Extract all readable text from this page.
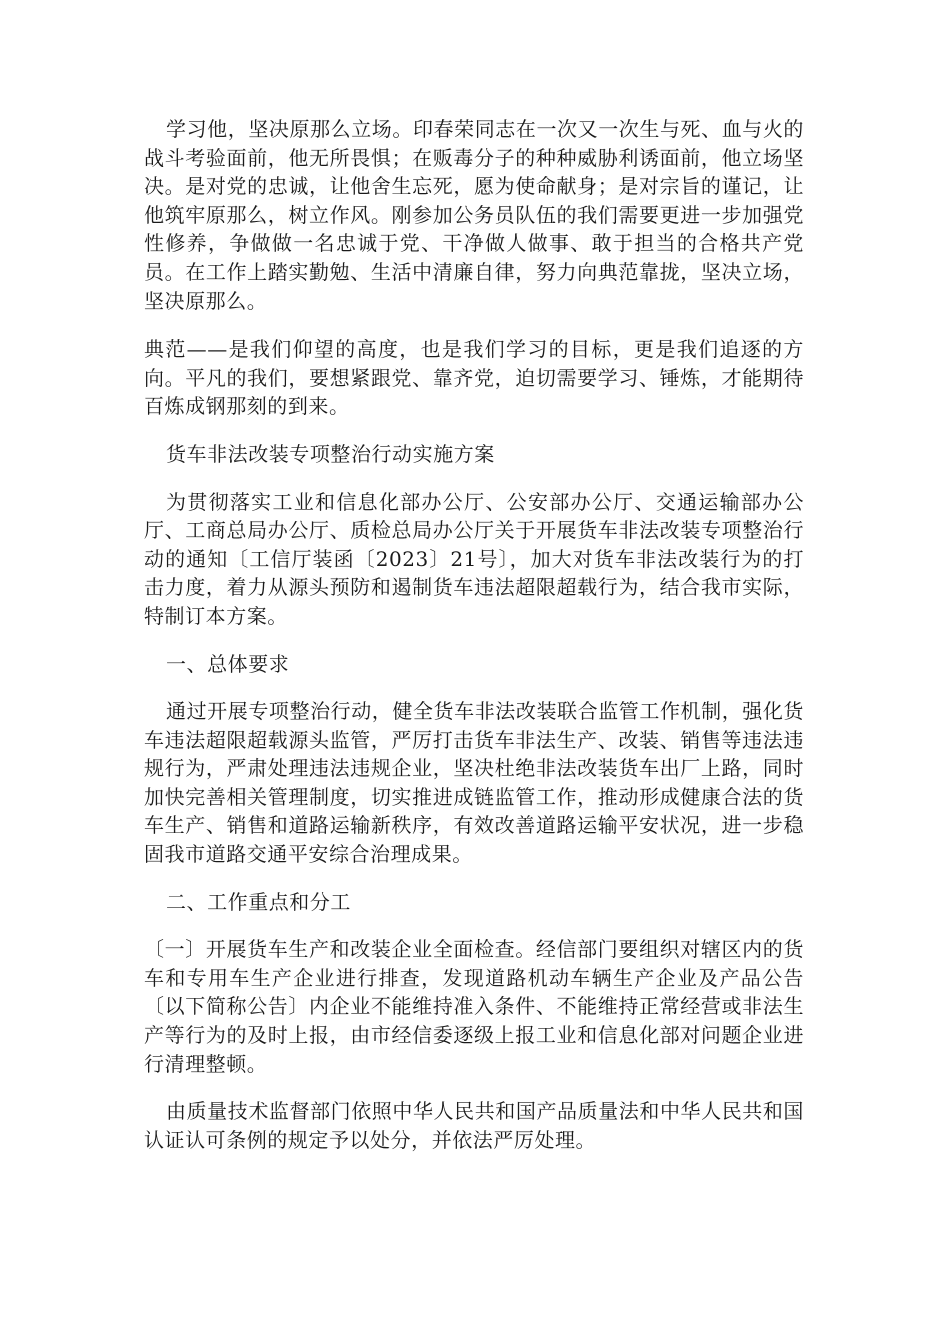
学习他，坚决原那么立场。印春荣同志在一次又一次生与死、血与火的战斗考验面前，他无所畏惧；在贩毒分子的种种威胁利诱面前，他立场坚决。是对党的忠诚，让他舍生忘死，愿为使命献身；是对宗旨的谨记，让他筑牢原那么，树立作风。刚参加公务员队伍的我们需要更进一步加强党性修养，争做做一名忠诚于党、干净做人做事、敢于担当的合格共产党员。在工作上踏实勤勉、生活中清廉自律，努力向典范靠拢，坚决立场，坚决原那么。

典范——是我们仰望的高度，也是我们学习的目标，更是我们追逐的方向。平凡的我们，要想紧跟党、靠齐党，迫切需要学习、锤炼，才能期待百炼成钢那刻的到来。

货车非法改装专项整治行动实施方案

为贯彻落实工业和信息化部办公厅、公安部办公厅、交通运输部办公厅、工商总局办公厅、质检总局办公厅关于开展货车非法改装专项整治行动的通知〔工信厅装函〔2023〕21号〕，加大对货车非法改装行为的打击力度，着力从源头预防和遏制货车违法超限超载行为，结合我市实际，特制订本方案。

一、总体要求

通过开展专项整治行动，健全货车非法改装联合监管工作机制，强化货车违法超限超载源头监管，严厉打击货车非法生产、改装、销售等违法违规行为，严肃处理违法违规企业，坚决杜绝非法改装货车出厂上路，同时加快完善相关管理制度，切实推进成链监管工作，推动形成健康合法的货车生产、销售和道路运输新秩序，有效改善道路运输平安状况，进一步稳固我市道路交通平安综合治理成果。

二、工作重点和分工

〔一〕开展货车生产和改装企业全面检查。经信部门要组织对辖区内的货车和专用车生产企业进行排查，发现道路机动车辆生产企业及产品公告〔以下简称公告〕内企业不能维持准入条件、不能维持正常经营或非法生产等行为的及时上报，由市经信委逐级上报工业和信息化部对问题企业进行清理整顿。

由质量技术监督部门依照中华人民共和国产品质量法和中华人民共和国认证认可条例的规定予以处分，并依法严厉处理。
